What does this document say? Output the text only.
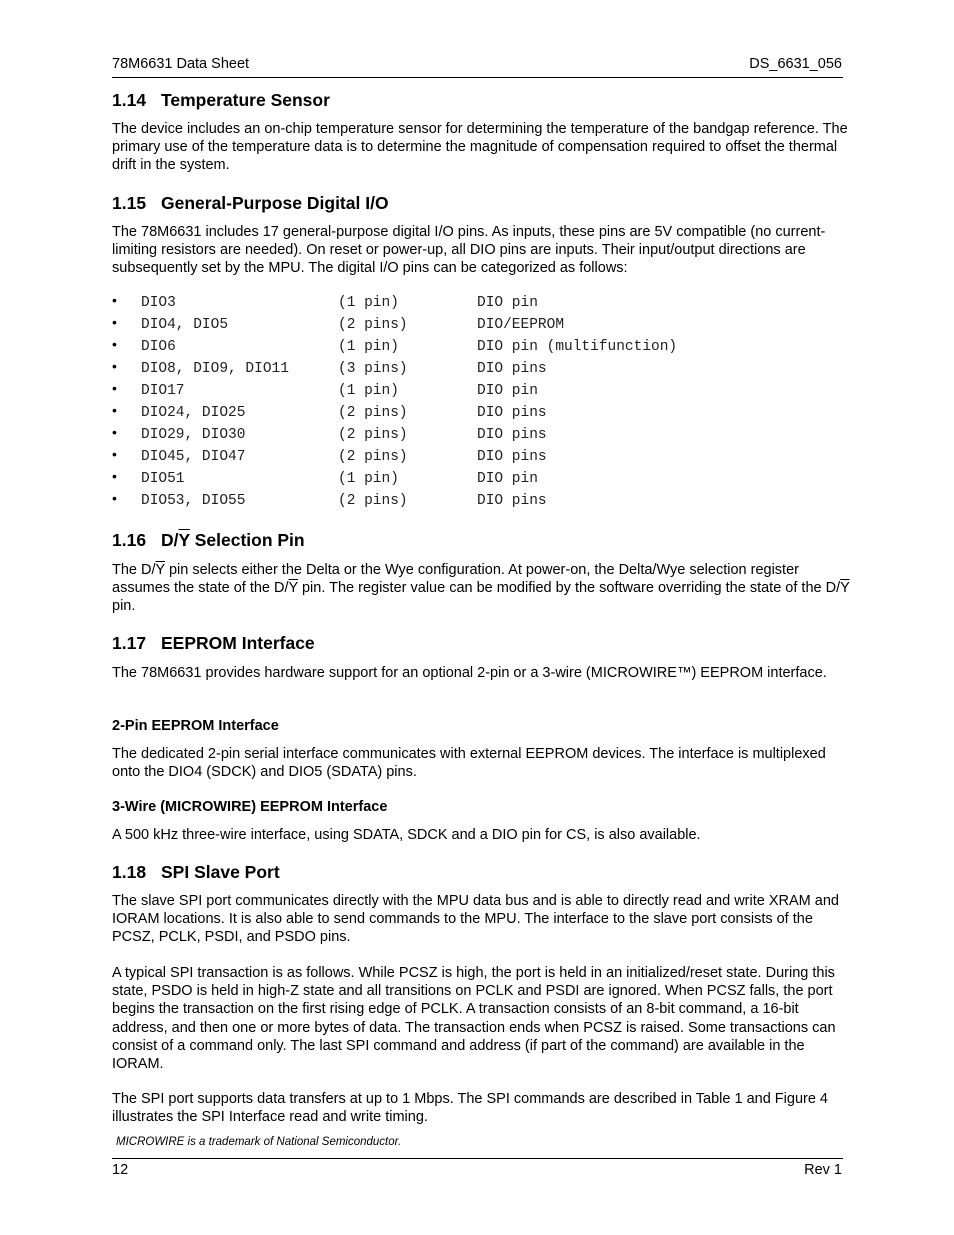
78M6631 Data Sheet	DS_6631_056
1.14 Temperature Sensor

The device includes an on-chip temperature sensor for determining the temperature of the bandgap reference. The primary use of the temperature data is to determine the magnitude of compensation required to offset the thermal drift in the system.

1.15 General-Purpose Digital I/O

The 78M6631 includes 17 general-purpose digital I/O pins. As inputs, these pins are 5V compatible (no current-limiting resistors are needed). On reset or power-up, all DIO pins are inputs. Their input/output directions are subsequently set by the MPU. The digital I/O pins can be categorized as follows:

• DIO3	(1 pin)	DIO pin
• DIO4, DIO5	(2 pins)	DIO/EEPROM
• DIO6	(1 pin)	DIO pin (multifunction)
• DIO8, DIO9, DIO11	(3 pins)	DIO pins
• DIO17	(1 pin)	DIO pin
• DIO24, DIO25	(2 pins)	DIO pins
• DIO29, DIO30	(2 pins)	DIO pins
• DIO45, DIO47	(2 pins)	DIO pins
• DIO51	(1 pin)	DIO pin
• DIO53, DIO55	(2 pins)	DIO pins
1.16 D/Y Selection Pin

The $D/\overline{Y}$ pin selects either the Delta or the Wye configuration. At power-on, the Delta/Wye selection register assumes the state of the $D/\overline{Y}$ pin. The register value can be modified by the software overriding the state of the $D/\overline{Y}$ pin.

1.17 EEPROM Interface

The 78M6631 provides hardware support for an optional 2-pin or a 3-wire (MICROWIRE™) EEPROM interface.

2-Pin EEPROM Interface

The dedicated 2-pin serial interface communicates with external EEPROM devices. The interface is multiplexed onto the DIO4 (SDCK) and DIO5 (SDATA) pins.

3-Wire (MICROWIRE) EEPROM Interface

A 500 kHz three-wire interface, using SDATA, SDCK and a DIO pin for CS, is also available.

1.18 SPI Slave Port

The slave SPI port communicates directly with the MPU data bus and is able to directly read and write XRAM and IORAM locations. It is also able to send commands to the MPU. The interface to the slave port consists of the PCSZ, PCLK, PSDI, and PSDO pins.

A typical SPI transaction is as follows. While PCSZ is high, the port is held in an initialized/reset state. During this state, PSDO is held in high-Z state and all transitions on PCLK and PSDI are ignored. When PCSZ falls, the port begins the transaction on the first rising edge of PCLK. A transaction consists of an 8-bit command, a 16-bit address, and then one or more bytes of data. The transaction ends when PCSZ is raised. Some transactions can consist of a command only. The last SPI command and address (if part of the command) are available in the IORAM.

The SPI port supports data transfers at up to 1 Mbps. The SPI commands are described in Table 1 and Figure 4 illustrates the SPI Interface read and write timing.

MICROWIRE is a trademark of National Semiconductor.
12	Rev 1
